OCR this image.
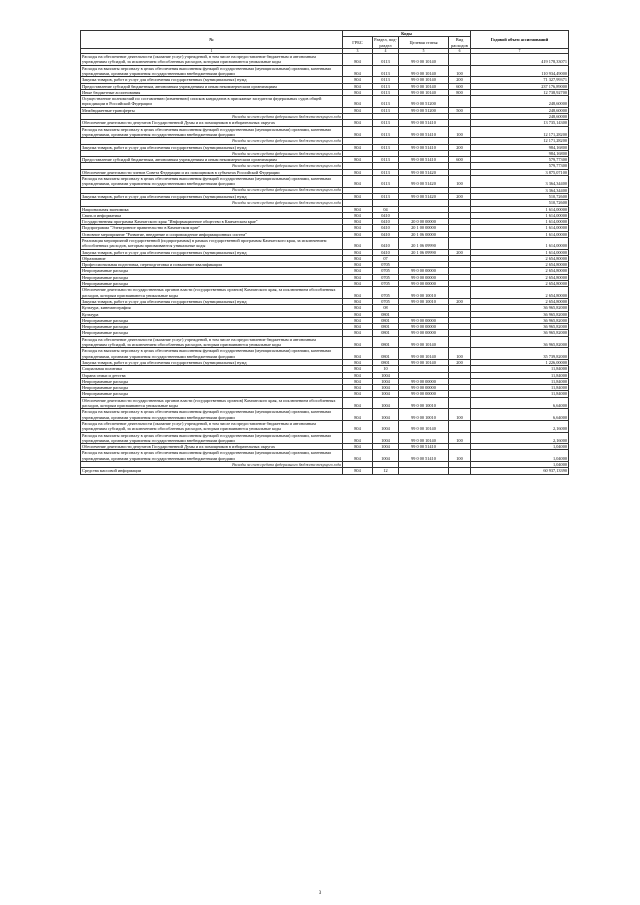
№	Коды				Годовой объем ассигнований
	ГРБС	Раздел, под-раздел	Целевая статья	Вид расходов	
1	3	4	5	6	7
Расходы на обеспечение деятельности (оказание услуг) учреждений, в том числе на предоставление бюджетным и автономным учреждениям субсидий, за исключением обособленных расходов, которым присваиваются уникальные коды	804	0113	99 0 00 10140		419 178,33071
Расходы на выплаты персоналу в целях обеспечения выполнения функций государственными (муниципальными) органами, казенными учреждениями, органами управления государственными внебюджетными фондами	804	0113	99 0 00 10140	100	110 934,49000
Закупка товаров, работ и услуг для обеспечения государственных (муниципальных) нужд	804	0113	99 0 00 10140	200	71 327,99371
Предоставление субсидий бюджетным, автономным учреждениям и иным некоммерческим организациям	804	0113	99 0 00 10140	600	237 176,89000
Иные бюджетные ассигнования	804	0113	99 0 00 10140	800	12 738,92700
Осуществление полномочий по составлению (изменению) списков кандидатов в присяжные заседатели федеральных судов общей юрисдикции в Российской Федерации	804	0113	99 0 00 51200		248,60000
Межбюджетные трансферты	804	0113	99 0 00 51200	500	248,60000
Расходы за счет средств федерального бюджета текущего года					248,60000
Обеспечение деятельности депутатов Государственной Думы и их помощников в избирательных округах	804	0113	99 0 00 51410		13 735,14300
Расходы на выплаты персоналу в целях обеспечения выполнения функций государственными (муниципальными) органами, казенными учреждениями, органами управления государственными внебюджетными фондами	804	0113	99 0 00 51410	100	12 171,28200
Расходы за счет средств федерального бюджета текущего года					12 171,28200
Закупка товаров, работ и услуг для обеспечения государственных (муниципальных) нужд	804	0113	99 0 00 51410	200	984,16800
Расходы за счет средств федерального бюджета текущего года					984,16800
Предоставление субсидий бюджетным, автономным учреждениям и иным некоммерческим организациям	804	0113	99 0 00 51410	600	579,77300
Расходы за счет средств федерального бюджета текущего года					579,77300
Обеспечение деятельности членов Совета Федерации и их помощников в субъектах Российской Федерации	804	0113	99 0 00 51420		3 875,07100
Расходы на выплаты персоналу в целях обеспечения выполнения функций государственными (муниципальными) органами, казенными учреждениями, органами управления государственными внебюджетными фондами	804	0113	99 0 00 51420	100	3 364,34400
Расходы за счет средств федерального бюджета текущего года					3 364,34400
Закупка товаров, работ и услуг для обеспечения государственных (муниципальных) нужд	804	0113	99 0 00 51420	200	510,72600
Расходы за счет средств федерального бюджета текущего года					510,72600
Национальная экономика	804	04			1 614,00000
Связь и информатика	804	0410			1 614,00000
Государственная программа Камчатского края "Информационное общество в Камчатском крае"	804	0410	20 0 00 00000		1 614,00000
Подпрограмма "Электронное правительство в Камчатском крае"	804	0410	20 1 00 00000		1 614,00000
Основное мероприятие "Развитие, внедрение и сопровождение информационных систем"	804	0410	20 1 06 00000		1 614,00000
Реализация мероприятий государственной (подпрограммы) в рамках государственной программы Камчатского края, за исключением обособленных расходов, которым присваиваются уникальные коды	804	0410	20 1 06 09990		1 614,00000
Закупка товаров, работ и услуг для обеспечения государственных (муниципальных) нужд	804	0410	20 1 06 09990	200	1 614,00000
Образование	804	07			2 654,80000
Профессиональная подготовка, переподготовка и повышение квалификации	804	0705			2 654,80000
Непрограммные расходы	804	0705	99 0 00 00000		2 654,80000
Непрограммные расходы	804	0705	99 0 00 00000		2 654,80000
Непрограммные расходы	804	0705	99 0 00 00000		2 654,80000
Обеспечение деятельности государственных органов власти (государственных органов) Камчатского края, за исключением обособленных расходов, которым присваиваются уникальные коды	804	0705	99 0 00 10010		2 654,80000
Закупка товаров, работ и услуг для обеспечения государственных (муниципальных) нужд	804	0705	99 0 00 10010	200	2 654,80000
Культура, кинематография	804	08			36 965,82000
Культура	804	0801			36 965,82000
Непрограммные расходы	804	0801	99 0 00 00000		36 965,82000
Непрограммные расходы	804	0801	99 0 00 00000		36 965,82000
Непрограммные расходы	804	0801	99 0 00 00000		36 965,82000
Расходы на обеспечение деятельности (оказание услуг) учреждений, в том числе на предоставление бюджетным и автономным учреждениям субсидий, за исключением обособленных расходов, которым присваиваются уникальные коды	804	0801	99 0 00 10140		36 965,82000
Расходы на выплаты персоналу в целях обеспечения выполнения функций государственными (муниципальными) органами, казенными учреждениями, органами управления государственными внебюджетными фондами	804	0801	99 0 00 10140	100	35 739,82000
Закупка товаров, работ и услуг для обеспечения государственных (муниципальных) нужд	804	0801	99 0 00 10140	200	1 226,00000
Социальная политика	804	10			11,84000
Охрана семьи и детства	804	1004			11,84000
Непрограммные расходы	804	1004	99 0 00 00000		11,84000
Непрограммные расходы	804	1004	99 0 00 00000		11,84000
Непрограммные расходы	804	1004	99 0 00 00000		11,84000
Обеспечение деятельности государственных органов власти (государственных органов) Камчатского края, за исключением обособленных расходов, которым присваиваются уникальные коды	804	1004	99 0 00 10010		6,64000
Расходы на выплаты персоналу в целях обеспечения выполнения функций государственными (муниципальными) органами, казенными учреждениями, органами управления государственными внебюджетными фондами	804	1004	99 0 00 10010	100	6,64000
Расходы на обеспечение деятельности (оказание услуг) учреждений, в том числе на предоставление бюджетным и автономным учреждениям субсидий, за исключением обособленных расходов, которым присваиваются уникальные коды	804	1004	99 0 00 10140		2,16000
Расходы на выплаты персоналу в целях обеспечения выполнения функций государственными (муниципальными) органами, казенными учреждениями, органами управления государственными внебюджетными фондами	804	1004	99 0 00 10140	100	2,16000
Обеспечение деятельности депутатов Государственной Думы и их помощников в избирательных округах	804	1004	99 0 00 51410		1,04000
Расходы на выплаты персоналу в целях обеспечения выполнения функций государственными (муниципальными) органами, казенными учреждениями, органами управления государственными внебюджетными фондами	804	1004	99 0 00 51410	100	1,04000
Расходы за счет средств федерального бюджета текущего года					1,04000
Средства массовой информации	804	12			60 937,13390
3
